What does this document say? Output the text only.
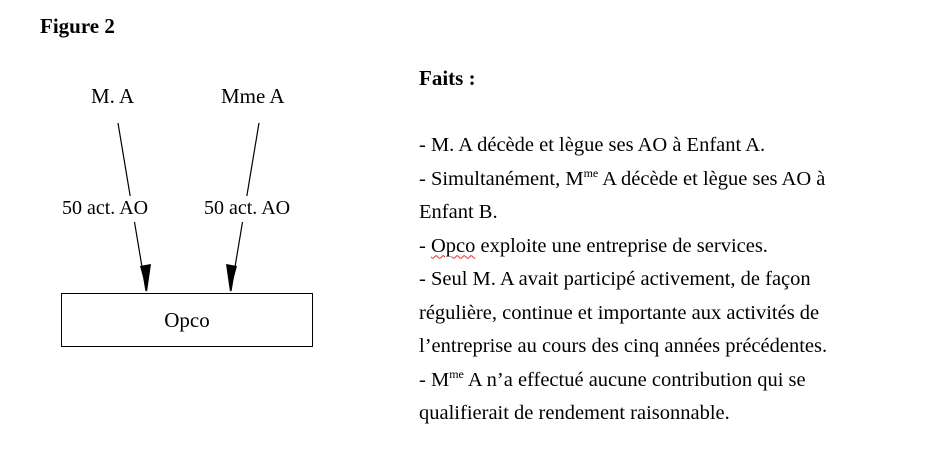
Figure 2
M. A	Mme A
50 act. AO	50 act. AO
Opco
Faits :
- M. A décède et lègue ses AO à Enfant A.
- Simultanément, $M^{me}$ A décède et lègue ses AO à
Enfant B.
- Opco exploite une entreprise de services.
- Seul M. A avait participé activement, de façon
régulière, continue et importante aux activités de
l’entreprise au cours des cinq années précédentes.
- $M^{me}$ A n’a effectué aucune contribution qui se
qualifierait de rendement raisonnable.
